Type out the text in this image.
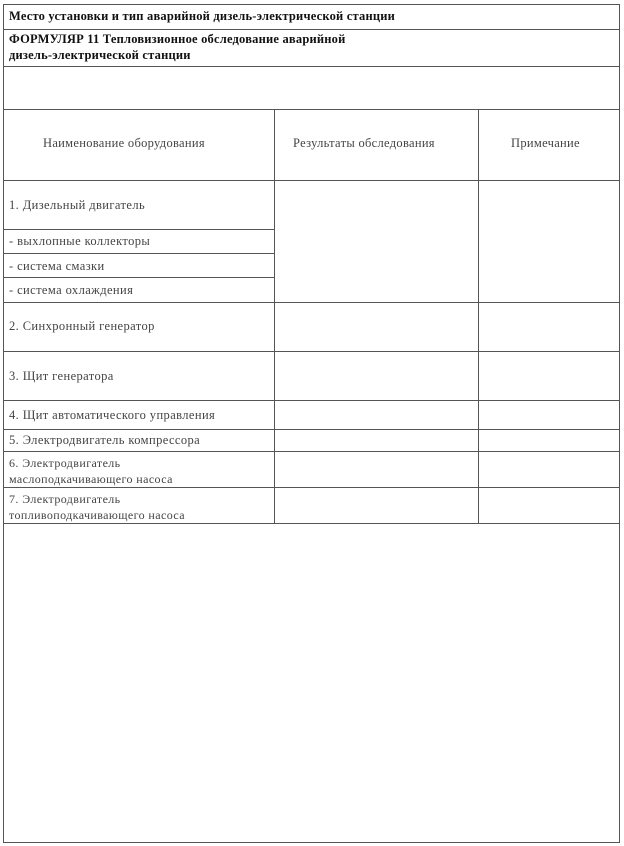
Место установки и тип аварийной дизель-электрической станции
ФОРМУЛЯР 11 Тепловизионное обследование аварийной
дизель-электрической станции
Наименование оборудования	Результаты обследования	Примечание
1. Дизельный двигатель
- выхлопные коллекторы
- система смазки
- система охлаждения
2. Синхронный генератор
3. Щит генератора
4. Щит автоматического управления
5. Электродвигатель компрессора
6. Электродвигатель
маслоподкачивающего насоса
7. Электродвигатель
топливоподкачивающего насоса
